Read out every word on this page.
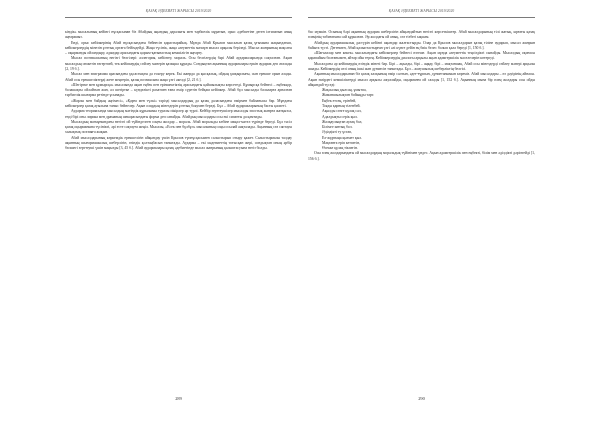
ҚАЗАҚ ӘДЕБИЕТІ ЖАРЫСЫ 2019/2020

кіндік» мысалының кейінгі нұсқасынан біз Абайдың ақындық даралығы мен тәрбиелік мұратын, орыс әдебиетіне деген ілтипатын анық аңғарамыз.

Енді, орыс кейіпкерінің Абай нұсқасындағы бейнесін қарастырайық. Мұнда Абай Крылов мысалын қазақ ұғымына жақындатып, кейіпкерлердің мінезін ұлттық ортаға бейімдейді. Жаңа түсінік, жаңа әлеуметтік мазмұн мысал арқылы беріледі. Мысал жанрының мақсаты – оқырманды ойландыру, адамдар арасындағы қарым-қатынастың кемшілігін аңғарту.

Мысал поэтикасының негізгі белгілері: аллегория, кейіптеу, мораль. Осы белгілердің бәрі Абай аудармаларында сақталған. Ақын мысалдың сюжетін өзгертпей, тек кейіпкердің сөйлеу мәнерін қазақша құрады. Сондықтан ақынның аудармалары еркін аударма деп аталады [2, 19 б.].

Мысал мен эпиграмма арасындағы ұқсастықты да ескеру керек. Екі жанрда да қысқалық, ойдың ұшқырлығы, сын ерекше орын алады. Абай осы ерекшеліктерді жете меңгеріп, қазақ поэзиясына жаңа үлгі әкелді [2, 21 б.].

«Шегіртке мен құмырсқа» мысалында ақын еңбек пен еріншектіктің арасындағы қайшылықты көрсетеді. Құмырсқа бейнесі – еңбекқор, болашақты ойлайтын жан, ал шегіртке – күнделікті рахатпен ғана өмір сүретін бейқам кейіпкер. Абай бұл мысалды балаларға арналған тәрбиелік шығарма ретінде ұсынады.

«Жарлы мен байдың әңгімесі», «Қарға мен түлкі» тәрізді мысалдардың да қазақ даласындағы өмірмен байланысы бар. Мұндағы кейіпкерлер қазақ ауылына таныс бейнелер. Ақын олардың мінездерін ұлттық бояумен береді. Бұл – Абай аудармаларының басты қасиеті.

Аударма теориясында мысалдың мәтіндік құрылымы туралы пікірлер әр түрлі. Кейбір зерттеушілер мысалды эпостық жанрға жатқызса, енді бірі оны лирика мен драманың шекарасындағы форма деп санайды. Абайдың мысалдары осы екі сипатты да қамтиды.

Мысалдың мазмұнындағы негізгі ой түйінделген соңғы жолдар – мораль. Абай моральды көбіне мақал-мәтел түрінде береді. Бұл тәсіл қазақ оқырманына түсінікті, әрі есте сақтауға жеңіл. Мысалы, «Есек пен бұлбұл» мысалының соңы осылай аяқталады. Ақынның сөз саптауы халықтық поэзияға жақын.

Абай мысалдарының көркемдік ерекшелігін айқындау үшін Крылов түпнұсқасымен салыстырып отыру қажет. Салыстырмалы талдау ақынның шығармашылық шеберлігін, өзіндік қолтаңбасын танытады. Аударма – екі мәдениеттің тоғысқан жері, сондықтан оның әрбір бөлшегі зерттеуші үшін маңызды [3, 45 б.]. Абай аудармалары қазақ әдебиетінде мысал жанрының қалыптасуына негіз болды.

289
ҚАЗАҚ ӘДЕБИЕТІ ЖАРЫСЫ 2019/2020

бас мүмкін. Осының бәрі ақынның аударма шеберлігін айқындайтын негізгі көрсеткіштер. Абай мысалдарының тілі жатық, ырғағы қазақ өлеңінің табиғатына сай құрылған. Әр жолдағы ой анық, сөз тізбегі ықшам.

Абайдың аудармашылық дәстүрін кейінгі ақындар жалғастырды. Олар да Крылов мысалдарын қазақ тіліне аударып, мысал жанрын байыта түсті. Дегенмен, Абай қалыптастырған үлгі әлі күнге дейін ең биік белес болып қала береді [1, 150 б.].

«Шағалалар мен көкек» мысалындағы кейіпкерлер бейнесі өзгеше. Ақын мұнда әлеуметтік теңсіздікті сынайды. Мысалдың оқиғасы қарапайым болғанымен, айтар ойы терең. Кейіпкерлердің диалогы арқылы ақын адамгершілік мәселелерін көтереді.

Мысалдағы әр кейіпкердің өзіндік мінезі бар. Бірі – ақылды, бірі – аңқау, бірі – мақтаншақ. Абай осы мінездерді сөйлеу мәнері арқылы ашады. Кейіпкердің сөзі оның ішкі жан дүниесін танытады. Бұл – жазушылық шеберліктің белгісі.

Ақынның мысалдарынан біз қазақ халқының өмір салтын, әдет-ғұрпын, дүниетанымын көреміз. Абай мысалдары – өз дәуірінің айнасы. Ақын өмірдегі кемшіліктерді мысал арқылы әжуалайды, оқырманға ой салады [1, 152 б.]. Ақынның мына бір өлең жолдары осы ойды айқындай түседі:

Жақсылық қылсаң, ұмытпа,
Жаманшылықтан бойыңды тарт.
Еңбек етсең, ерінбей,
Тояды қарның тіленбей.
Ақылды сөзге құлақ сал,
Адалдықты серік қыл.
Жалқаулықтан аулақ бол,
Білімге ынтық бол.
Әділдікті ту ұстап,
Ел-жұртыңа қызмет қыл.
Мақтанға еріп кетпегін,
Өсекке құлақ тікпегін.

Осы өлең жолдарындағы ой мысалдардың моральдық түйінімен үндес. Ақын адамгершілік пен еңбекті, білім мен әділдікті дәріптейді [1, 156 б.].

290
